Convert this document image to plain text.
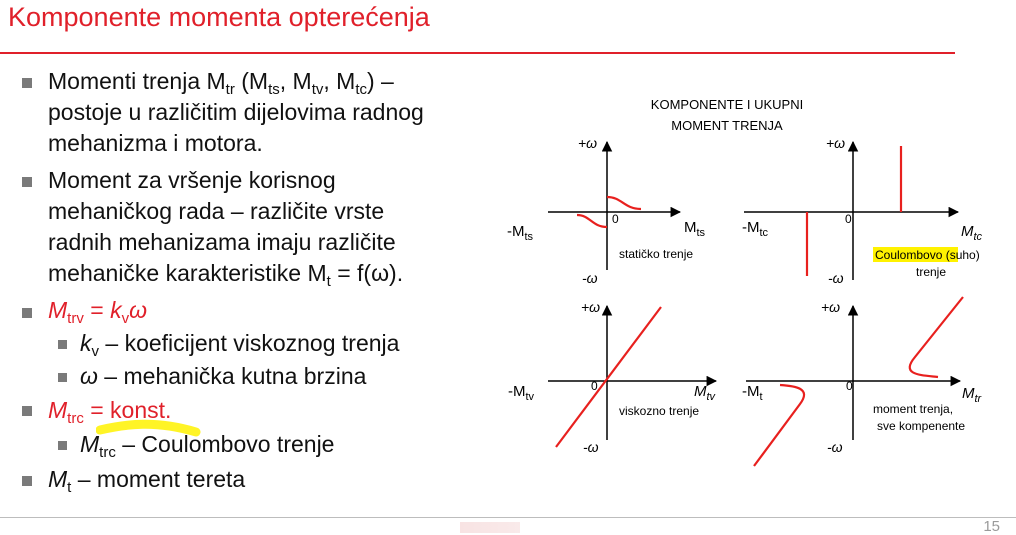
Komponente momenta opterećenja
Momenti trenja $M_{tr}$ ($M_{ts}$, $M_{tv}$, $M_{tc}$) –
postoje u različitim dijelovima radnog
mehanizma i motora.
Moment za vršenje korisnog
mehaničkog rada – različite vrste
radnih mehanizama imaju različite
mehaničke karakteristike $M_t = f(\omega)$.
$M_{trv} = k_v\omega$
$k_v$ – koeficijent viskoznog trenja
ω – mehanička kutna brzina
$M_{trc}$ = konst.
$M_{trc}$ – Coulombovo trenje
$M_t$ – moment tereta
KOMPONENTE I UKUPNI
MOMENT TRENJA
0
+ω
-ω
$-M_{ts}$
$M_{ts}$
statičko trenje
0
+ω
-ω
$-M_{tc}$	$M_{tc}$
Coulombovo (suho)
trenje
0
+ω
-ω
$-M_{tv}$	$M_{tv}$
viskozno trenje
0
+ω
-ω
$-M_t$	$M_{tr}$
moment trenja,
sve kompenente
15
